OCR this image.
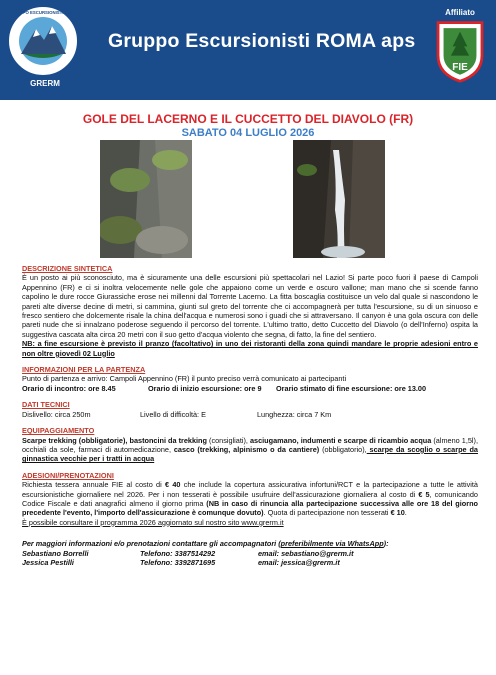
GRERM
GRUPPO ESCURSIONISTI ROMA
Gruppo Escursionisti ROMA aps
Affiliato
FIE
GOLE DEL LACERNO E IL CUCCETTO DEL DIAVOLO (FR)
SABATO 04 LUGLIO 2026

DESCRIZIONE SINTETICA

È un posto ai più sconosciuto, ma è sicuramente una delle escursioni più spettacolari nel Lazio! Si parte poco fuori il paese di Campoli Appennino (FR) e ci si inoltra velocemente nelle gole che appaiono come un verde e oscuro vallone; man mano che si scende fanno capolino le dure rocce Giurassiche erose nei millenni dal Torrente Lacerno. La fitta boscaglia costituisce un velo dal quale si nascondono le pareti alte diverse decine di metri, si cammina, giunti sul greto del torrente che ci accompagnerà per tutta l'escursione, su di un sinuoso e fresco sentiero che dolcemente risale la china dell'acqua e numerosi sono i guadi che si attraversano. Il canyon è una gola oscura con delle pareti nude che si innalzano poderose seguendo il percorso del torrente. L'ultimo tratto, detto Cuccetto del Diavolo (o dell'Inferno) ospita la suggestiva cascata alta circa 20 metri con il suo getto d'acqua violento che segna, di fatto, la fine del sentiero.

NB: a fine escursione è previsto il pranzo (facoltativo) in uno dei ristoranti della zona quindi mandare le proprie adesioni entro e non oltre giovedì 02 Luglio

INFORMAZIONI PER LA PARTENZA

Punto di partenza e arrivo: Campoli Appennino (FR) il punto preciso verrà comunicato ai partecipanti

Orario di incontro: ore 8.45	Orario di inizio escursione: ore 9	Orario stimato di fine escursione: ore 13.00

DATI TECNICI

Dislivello: circa 250m	Livello di difficoltà: E	Lunghezza: circa 7 Km

EQUIPAGGIAMENTO

Scarpe trekking (obbligatorie), bastoncini da trekking (consigliati), asciugamano, indumenti e scarpe di ricambio acqua (almeno 1,5l), occhiali da sole, farmaci di automedicazione, casco (trekking, alpinismo o da cantiere) (obbligatorio), scarpe da scoglio o scarpe da ginnastica vecchie per i tratti in acqua

ADESIONI/PRENOTAZIONI

Richiesta tessera annuale FIE al costo di € 40 che include la copertura assicurativa infortuni/RCT e la partecipazione a tutte le attività escursionistiche giornaliere nel 2026. Per i non tesserati è possibile usufruire dell'assicurazione giornaliera al costo di € 5, comunicando Codice Fiscale e dati anagrafici almeno il giorno prima (NB in caso di rinuncia alla partecipazione successiva alle ore 18 del giorno precedente l'evento, l'importo dell'assicurazione è comunque dovuto). Quota di partecipazione non tesserati € 10.

È possibile consultare il programma 2026 aggiornato sul nostro sito www.grerm.it

Per maggiori informazioni e/o prenotazioni contattare gli accompagnatori (preferibilmente via WhatsApp):

Sebastiano Borrelli	Telefono: 3387514292	email: sebastiano@grerm.it
Jessica Pestilli	Telefono: 3392871695	email: jessica@grerm.it
